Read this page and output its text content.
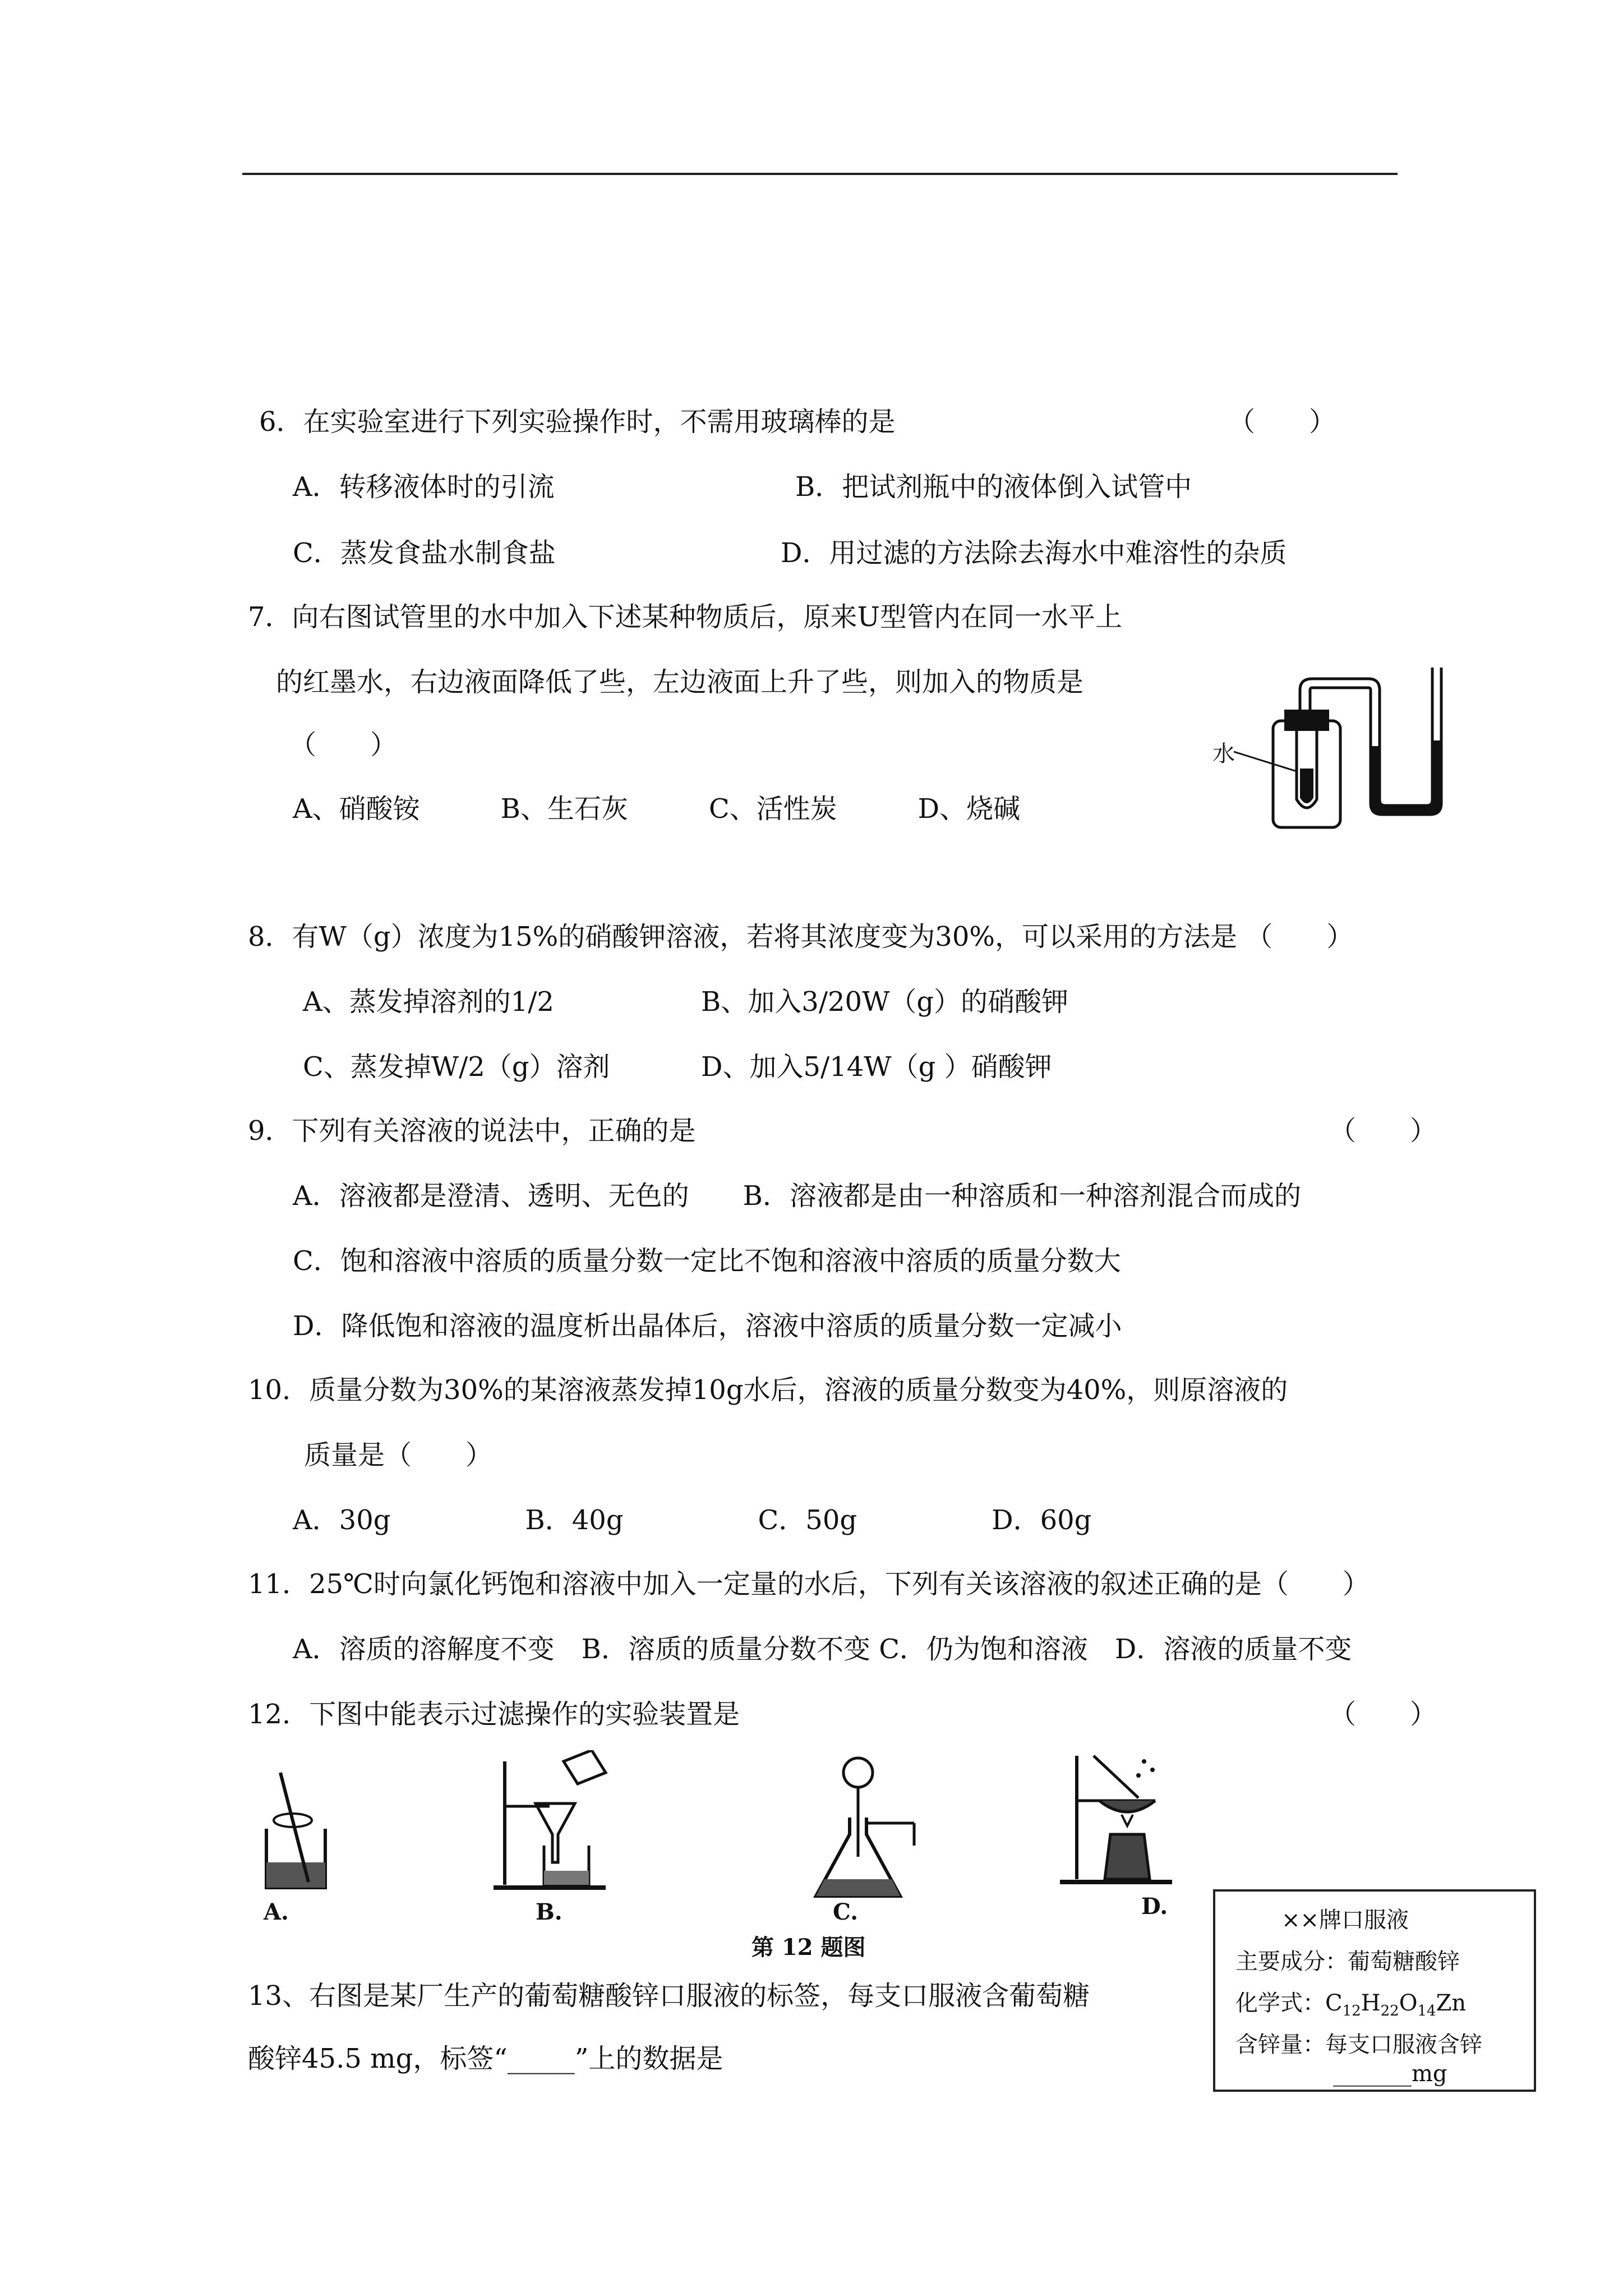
6．在实验室进行下列实验操作时，不需用玻璃棒的是	（　　）
A．转移液体时的引流	B．把试剂瓶中的液体倒入试管中
C．蒸发食盐水制食盐	D．用过滤的方法除去海水中难溶性的杂质
7．向右图试管里的水中加入下述某种物质后，原来U型管内在同一水平上
的红墨水，右边液面降低了些，左边液面上升了些，则加入的物质是
（　　）
A、硝酸铵　　　B、生石灰　　　C、活性炭　　　D、烧碱
水
8．有W（g）浓度为15%的硝酸钾溶液，若将其浓度变为30%，可以采用的方法是 （　　）
A、蒸发掉溶剂的1/2	B、加入3/20W（g）的硝酸钾
C、蒸发掉W/2（g）溶剂	D、加入5/14W（g ）硝酸钾
9．下列有关溶液的说法中，正确的是	（　　）
A．溶液都是澄清、透明、无色的　　B．溶液都是由一种溶质和一种溶剂混合而成的
C．饱和溶液中溶质的质量分数一定比不饱和溶液中溶质的质量分数大
D．降低饱和溶液的温度析出晶体后，溶液中溶质的质量分数一定减小
10．质量分数为30%的某溶液蒸发掉10g水后，溶液的质量分数变为40%，则原溶液的
质量是（　　）
A．30g　　　　　B．40g　　　　　C．50g　　　　　D．60g
11．25℃时向氯化钙饱和溶液中加入一定量的水后，下列有关该溶液的叙述正确的是（　　）
A．溶质的溶解度不变　B．溶质的质量分数不变 C．仍为饱和溶液　D．溶液的质量不变
12．下图中能表示过滤操作的实验装置是	（　　）
A.	B.	C.	D.
第 12 题图
13、右图是某厂生产的葡萄糖酸锌口服液的标签，每支口服液含葡萄糖
酸锌45.5 mg，标签“_____”上的数据是
××牌口服液
主要成分：葡萄糖酸锌
化学式：$C_{12}H_{22}O_{14}Zn$
含锌量：每支口服液含锌
_______mg
